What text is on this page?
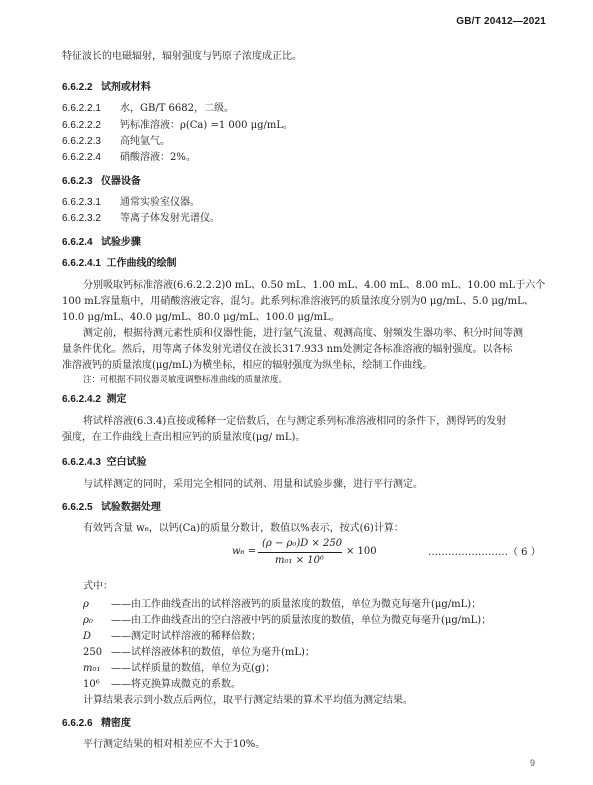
GB/T 20412—2021
特征波长的电磁辐射，辐射强度与钙原子浓度成正比。
6.6.2.2 试剂或材料
6.6.2.2.1 水，GB/T 6682，二级。
6.6.2.2.2 钙标准溶液：ρ(Ca) =1 000 μg/mL。
6.6.2.2.3 高纯氩气。
6.6.2.2.4 硝酸溶液：2%。
6.6.2.3 仪器设备
6.6.2.3.1 通常实验室仪器。
6.6.2.3.2 等离子体发射光谱仪。
6.6.2.4 试验步骤
6.6.2.4.1 工作曲线的绘制
分别吸取钙标准溶液(6.6.2.2.2)0 mL、0.50 mL、1.00 mL、4.00 mL、8.00 mL、10.00 mL于六个
100 mL容量瓶中，用硝酸溶液定容，混匀。此系列标准溶液钙的质量浓度分别为0 μg/mL、5.0 μg/mL、
10.0 μg/mL、40.0 μg/mL、80.0 μg/mL、100.0 μg/mL。
测定前，根据待测元素性质和仪器性能，进行氩气流量、观测高度、射频发生器功率、积分时间等测
量条件优化。然后，用等离子体发射光谱仪在波长317.933 nm处测定各标准溶液的辐射强度。以各标
准溶液钙的质量浓度(μg/mL)为横坐标，相应的辐射强度为纵坐标，绘制工作曲线。
注：可根据不同仪器灵敏度调整标准曲线的质量浓度。
6.6.2.4.2 测定
将试样溶液(6.3.4)直接或稀释一定倍数后，在与测定系列标准溶液相同的条件下，测得钙的发射
强度，在工作曲线上查出相应钙的质量浓度(μg/ mL)。
6.6.2.4.3 空白试验
与试样测定的同时，采用完全相同的试剂、用量和试验步骤，进行平行测定。
6.6.2.5 试验数据处理
有效钙含量 w₆，以钙(Ca)的质量分数计，数值以%表示，按式(6)计算：
w₆ =
(ρ − ρ₀)D × 250
m₀₁ × 10⁶
× 100	……………………（ 6 ）
式中：
ρ ——由工作曲线查出的试样溶液钙的质量浓度的数值，单位为微克每毫升(μg/mL)；
ρ₀ ——由工作曲线查出的空白溶液中钙的质量浓度的数值，单位为微克每毫升(μg/mL)；
D ——测定时试样溶液的稀释倍数；
250 ——试样溶液体积的数值，单位为毫升(mL)；
m₀₁ ——试样质量的数值，单位为克(g)；
10⁶ ——将克换算成微克的系数。
计算结果表示到小数点后两位，取平行测定结果的算术平均值为测定结果。
6.6.2.6 精密度
平行测定结果的相对相差应不大于10%。
9
